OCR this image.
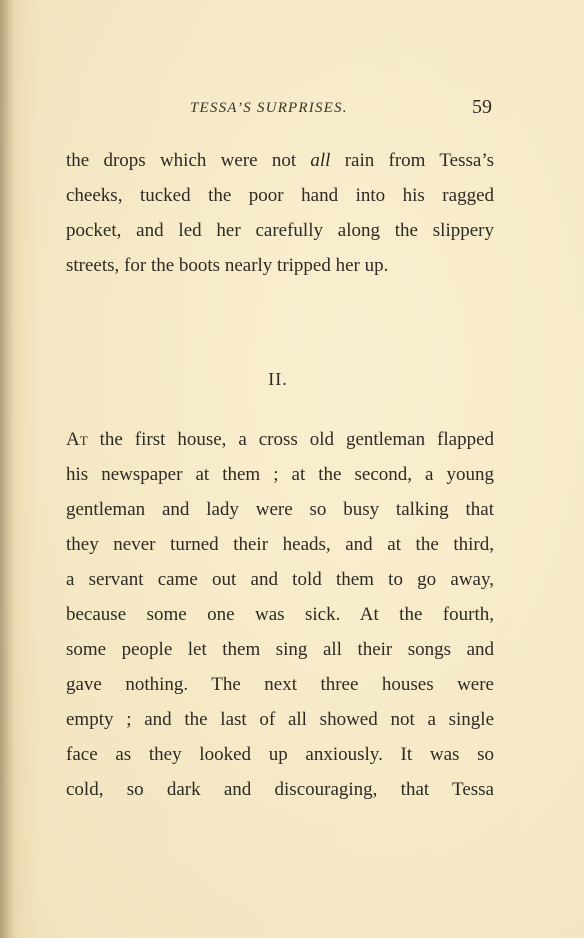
TESSA’S SURPRISES.	59
the drops which were not all rain from Tessa’s
cheeks, tucked the poor hand into his ragged
pocket, and led her carefully along the slippery
streets, for the boots nearly tripped her up.
II.
At the first house, a cross old gentleman flapped
his newspaper at them ; at the second, a young
gentleman and lady were so busy talking that
they never turned their heads, and at the third,
a servant came out and told them to go away,
because some one was sick. At the fourth,
some people let them sing all their songs and
gave nothing. The next three houses were
empty ; and the last of all showed not a single
face as they looked up anxiously. It was so
cold, so dark and discouraging, that Tessa
